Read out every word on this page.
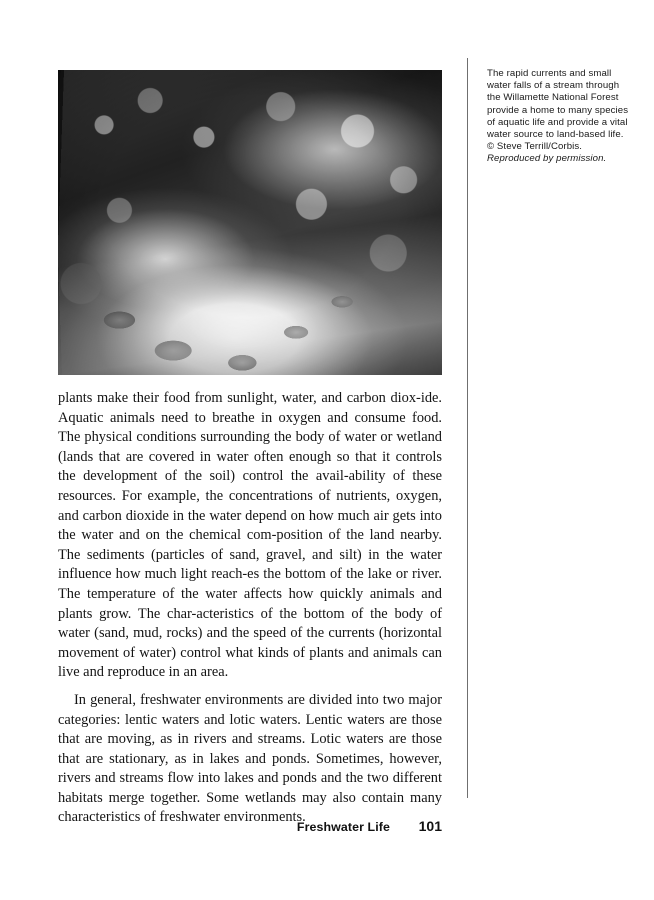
The rapid currents and small water falls of a stream through the Willamette National Forest provide a home to many species of aquatic life and provide a vital water source to land-based life.
© Steve Terrill/Corbis.
Reproduced by permission.

plants make their food from sunlight, water, and carbon diox-ide. Aquatic animals need to breathe in oxygen and consume food. The physical conditions surrounding the body of water or wetland (lands that are covered in water often enough so that it controls the development of the soil) control the avail-ability of these resources. For example, the concentrations of nutrients, oxygen, and carbon dioxide in the water depend on how much air gets into the water and on the chemical com-position of the land nearby. The sediments (particles of sand, gravel, and silt) in the water influence how much light reach-es the bottom of the lake or river. The temperature of the water affects how quickly animals and plants grow. The char-acteristics of the bottom of the body of water (sand, mud, rocks) and the speed of the currents (horizontal movement of water) control what kinds of plants and animals can live and reproduce in an area.

In general, freshwater environments are divided into two major categories: lentic waters and lotic waters. Lentic waters are those that are moving, as in rivers and streams. Lotic waters are those that are stationary, as in lakes and ponds. Sometimes, however, rivers and streams flow into lakes and ponds and the two different habitats merge together. Some wetlands may also contain many characteristics of freshwater environments.

Freshwater Life 101
